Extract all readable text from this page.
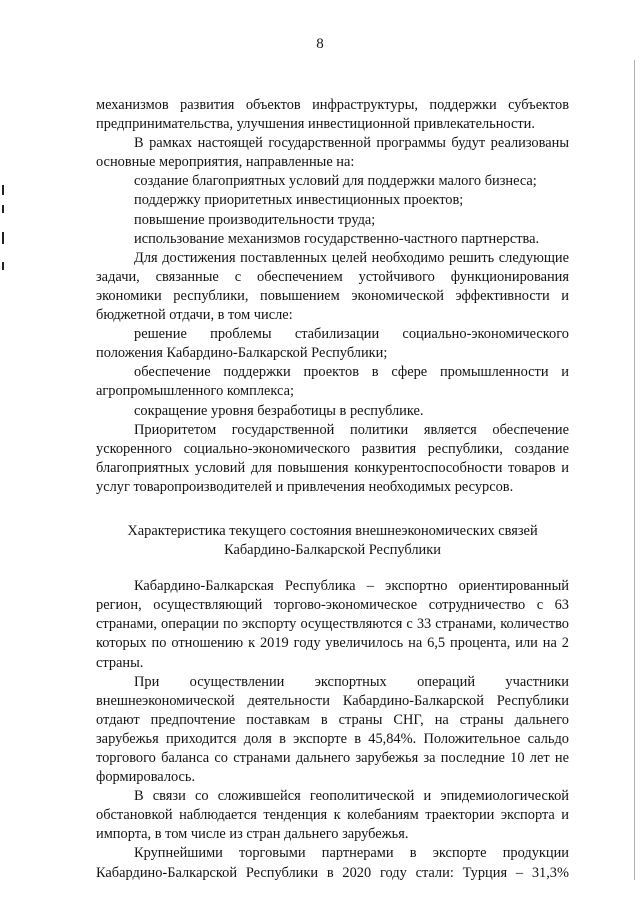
8

механизмов развития объектов инфраструктуры, поддержки субъектов предпринимательства, улучшения инвестиционной привлекательности.

В рамках настоящей государственной программы будут реализованы основные мероприятия, направленные на:

создание благоприятных условий для поддержки малого бизнеса;

поддержку приоритетных инвестиционных проектов;

повышение производительности труда;

использование механизмов государственно-частного партнерства.

Для достижения поставленных целей необходимо решить следующие задачи, связанные с обеспечением устойчивого функционирования экономики республики, повышением экономической эффективности и бюджетной отдачи, в том числе:

решение проблемы стабилизации социально-экономического положения Кабардино-Балкарской Республики;

обеспечение поддержки проектов в сфере промышленности и агропромышленного комплекса;

сокращение уровня безработицы в республике.

Приоритетом государственной политики является обеспечение ускоренного социально-экономического развития республики, создание благоприятных условий для повышения конкурентоспособности товаров и услуг товаропроизводителей и привлечения необходимых ресурсов.

Характеристика текущего состояния внешнеэкономических связей
Кабардино-Балкарской Республики

Кабардино-Балкарская Республика – экспортно ориентированный регион, осуществляющий торгово-экономическое сотрудничество с 63 странами, операции по экспорту осуществляются с 33 странами, количество которых по отношению к 2019 году увеличилось на 6,5 процента, или на 2 страны.

При осуществлении экспортных операций участники внешнеэкономической деятельности Кабардино-Балкарской Республики отдают предпочтение поставкам в страны СНГ, на страны дальнего зарубежья приходится доля в экспорте в 45,84%. Положительное сальдо торгового баланса со странами дальнего зарубежья за последние 10 лет не формировалось.

В связи со сложившейся геополитической и эпидемиологической обстановкой наблюдается тенденция к колебаниям траектории экспорта и импорта, в том числе из стран дальнего зарубежья.

Крупнейшими торговыми партнерами в экспорте продукции Кабардино-Балкарской Республики в 2020 году стали: Турция – 31,3%
